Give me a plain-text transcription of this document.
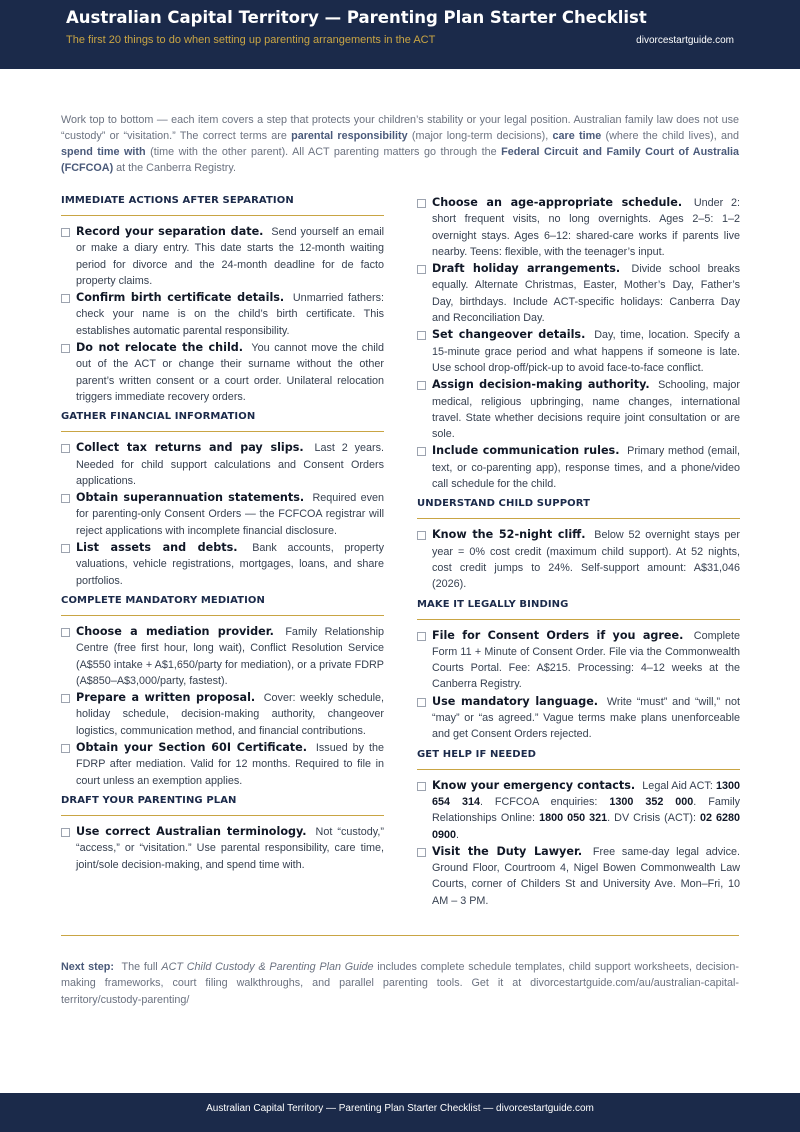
Australian Capital Territory — Parenting Plan Starter Checklist
The first 20 things to do when setting up parenting arrangements in the ACT	divorcestartguide.com
Work top to bottom — each item covers a step that protects your children’s stability or your legal position. Australian family law does not use “custody” or “visitation.” The correct terms are parental responsibility (major long-term decisions), care time (where the child lives), and spend time with (time with the other parent). All ACT parenting matters go through the Federal Circuit and Family Court of Australia (FCFCOA) at the Canberra Registry.
IMMEDIATE ACTIONS AFTER SEPARATION
Record your separation date. Send yourself an email or make a diary entry. This date starts the 12-month waiting period for divorce and the 24-month deadline for de facto property claims.
Confirm birth certificate details. Unmarried fathers: check your name is on the child’s birth certificate. This establishes automatic parental responsibility.
Do not relocate the child. You cannot move the child out of the ACT or change their surname without the other parent’s written consent or a court order. Unilateral relocation triggers immediate recovery orders.
GATHER FINANCIAL INFORMATION
Collect tax returns and pay slips. Last 2 years. Needed for child support calculations and Consent Orders applications.
Obtain superannuation statements. Required even for parenting-only Consent Orders — the FCFCOA registrar will reject applications with incomplete financial disclosure.
List assets and debts. Bank accounts, property valuations, vehicle registrations, mortgages, loans, and share portfolios.
COMPLETE MANDATORY MEDIATION
Choose a mediation provider. Family Relationship Centre (free first hour, long wait), Conflict Resolution Service (A$550 intake + A$1,650/party for mediation), or a private FDRP (A$850–A$3,000/party, fastest).
Prepare a written proposal. Cover: weekly schedule, holiday schedule, decision-making authority, changeover logistics, communication method, and financial contributions.
Obtain your Section 60I Certificate. Issued by the FDRP after mediation. Valid for 12 months. Required to file in court unless an exemption applies.
DRAFT YOUR PARENTING PLAN
Use correct Australian terminology. Not “custody,” “access,” or “visitation.” Use parental responsibility, care time, joint/sole decision-making, and spend time with.
Choose an age-appropriate schedule. Under 2: short frequent visits, no long overnights. Ages 2–5: 1–2 overnight stays. Ages 6–12: shared-care works if parents live nearby. Teens: flexible, with the teenager’s input.
Draft holiday arrangements. Divide school breaks equally. Alternate Christmas, Easter, Mother’s Day, Father’s Day, birthdays. Include ACT-specific holidays: Canberra Day and Reconciliation Day.
Set changeover details. Day, time, location. Specify a 15-minute grace period and what happens if someone is late. Use school drop-off/pick-up to avoid face-to-face conflict.
Assign decision-making authority. Schooling, major medical, religious upbringing, name changes, international travel. State whether decisions require joint consultation or are sole.
Include communication rules. Primary method (email, text, or co-parenting app), response times, and a phone/video call schedule for the child.
UNDERSTAND CHILD SUPPORT
Know the 52-night cliff. Below 52 overnight stays per year = 0% cost credit (maximum child support). At 52 nights, cost credit jumps to 24%. Self-support amount: A$31,046 (2026).
MAKE IT LEGALLY BINDING
File for Consent Orders if you agree. Complete Form 11 + Minute of Consent Order. File via the Commonwealth Courts Portal. Fee: A$215. Processing: 4–12 weeks at the Canberra Registry.
Use mandatory language. Write “must” and “will,” not “may” or “as agreed.” Vague terms make plans unenforceable and get Consent Orders rejected.
GET HELP IF NEEDED
Know your emergency contacts. Legal Aid ACT: 1300 654 314. FCFCOA enquiries: 1300 352 000. Family Relationships Online: 1800 050 321. DV Crisis (ACT): 02 6280 0900.
Visit the Duty Lawyer. Free same-day legal advice. Ground Floor, Courtroom 4, Nigel Bowen Commonwealth Law Courts, corner of Childers St and University Ave. Mon–Fri, 10 AM – 3 PM.
Next step: The full ACT Child Custody & Parenting Plan Guide includes complete schedule templates, child support worksheets, decision-making frameworks, court filing walkthroughs, and parallel parenting tools. Get it at divorcestartguide.com/au/australian-capital-territory/custody-parenting/
Australian Capital Territory — Parenting Plan Starter Checklist — divorcestartguide.com
